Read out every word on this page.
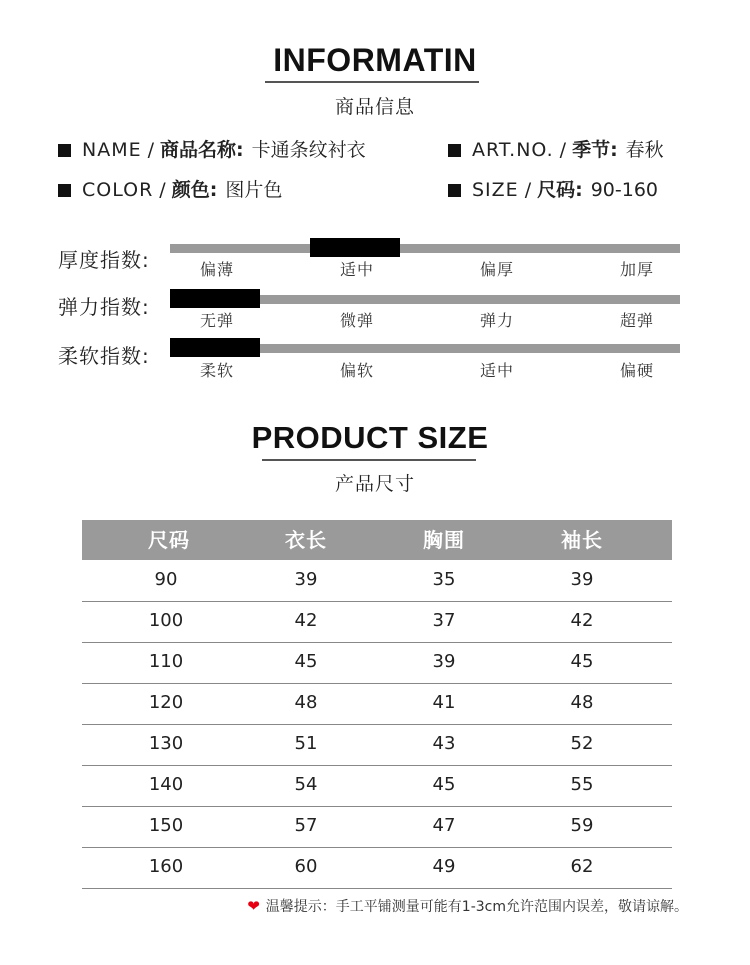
INFORMATIN
商品信息
NAME / 商品名称: 卡通条纹衬衣	ART.NO. / 季节: 春秋
COLOR / 颜色: 图片色	SIZE / 尺码: 90-160
厚度指数:	偏薄	适中	偏厚	加厚
弹力指数:
无弹	微弹	弹力	超弹
柔软指数:
柔软	偏软	适中	偏硬
PRODUCT SIZE
产品尺寸
尺码	衣长	胸围	袖长
90	39	35	39
100	42	37	42
110	45	39	45
120	48	41	48
130	51	43	52
140	54	45	55
150	57	47	59
160	60	49	62
❤ 温馨提示：手工平铺测量可能有1-3cm允许范围内误差，敬请谅解。
